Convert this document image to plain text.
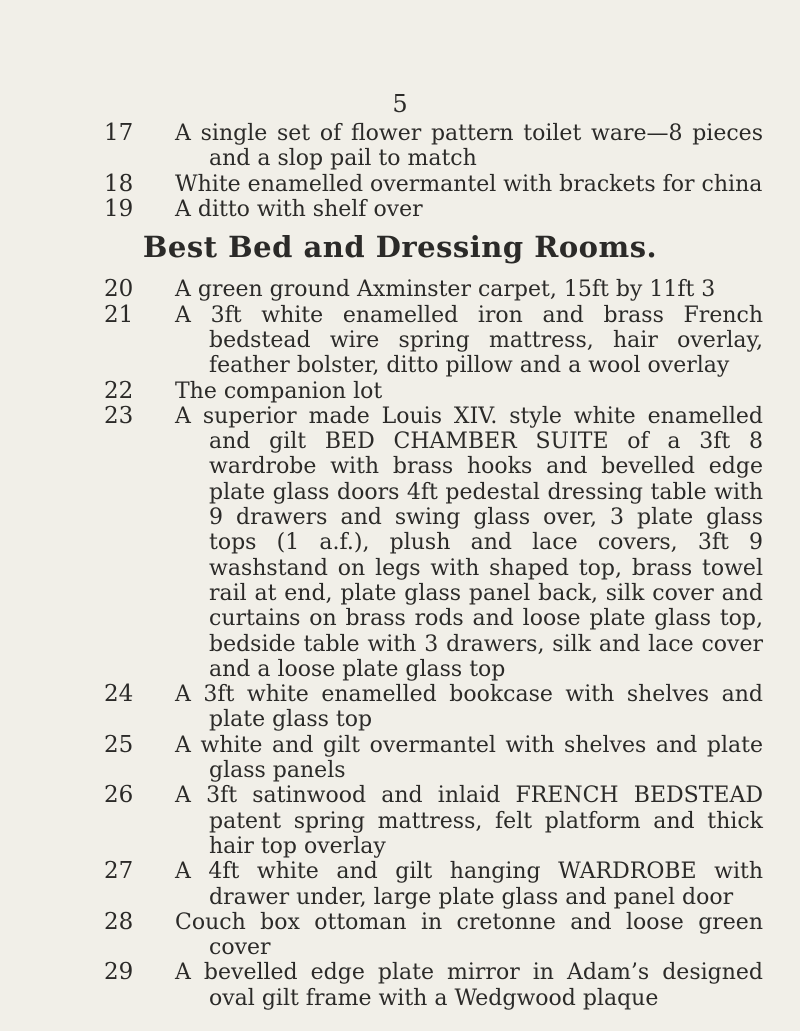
5
17	A single set of flower pattern toilet ware—8 pieces and a slop pail to match
18	White enamelled overmantel with brackets for china
19	A ditto with shelf over
Best Bed and Dressing Rooms.
20	A green ground Axminster carpet, 15ft by 11ft 3
21	A 3ft white enamelled iron and brass French bedstead wire spring mattress, hair overlay, feather bolster, ditto pillow and a wool overlay
22	The companion lot
23	A superior made Louis XIV. style white enamelled and gilt BED CHAMBER SUITE of a 3ft 8 wardrobe with brass hooks and bevelled edge plate glass doors 4ft pedestal dressing table with 9 drawers and swing glass over, 3 plate glass tops (1 a.f.), plush and lace covers, 3ft 9 washstand on legs with shaped top, brass towel rail at end, plate glass panel back, silk cover and curtains on brass rods and loose plate glass top, bedside table with 3 drawers, silk and lace cover and a loose plate glass top
24	A 3ft white enamelled bookcase with shelves and plate glass top
25	A white and gilt overmantel with shelves and plate glass panels
26	A 3ft satinwood and inlaid FRENCH BEDSTEAD patent spring mattress, felt platform and thick hair top overlay
27	A 4ft white and gilt hanging WARDROBE with drawer under, large plate glass and panel door
28	Couch box ottoman in cretonne and loose green cover
29	A bevelled edge plate mirror in Adam’s designed oval gilt frame with a Wedgwood plaque
